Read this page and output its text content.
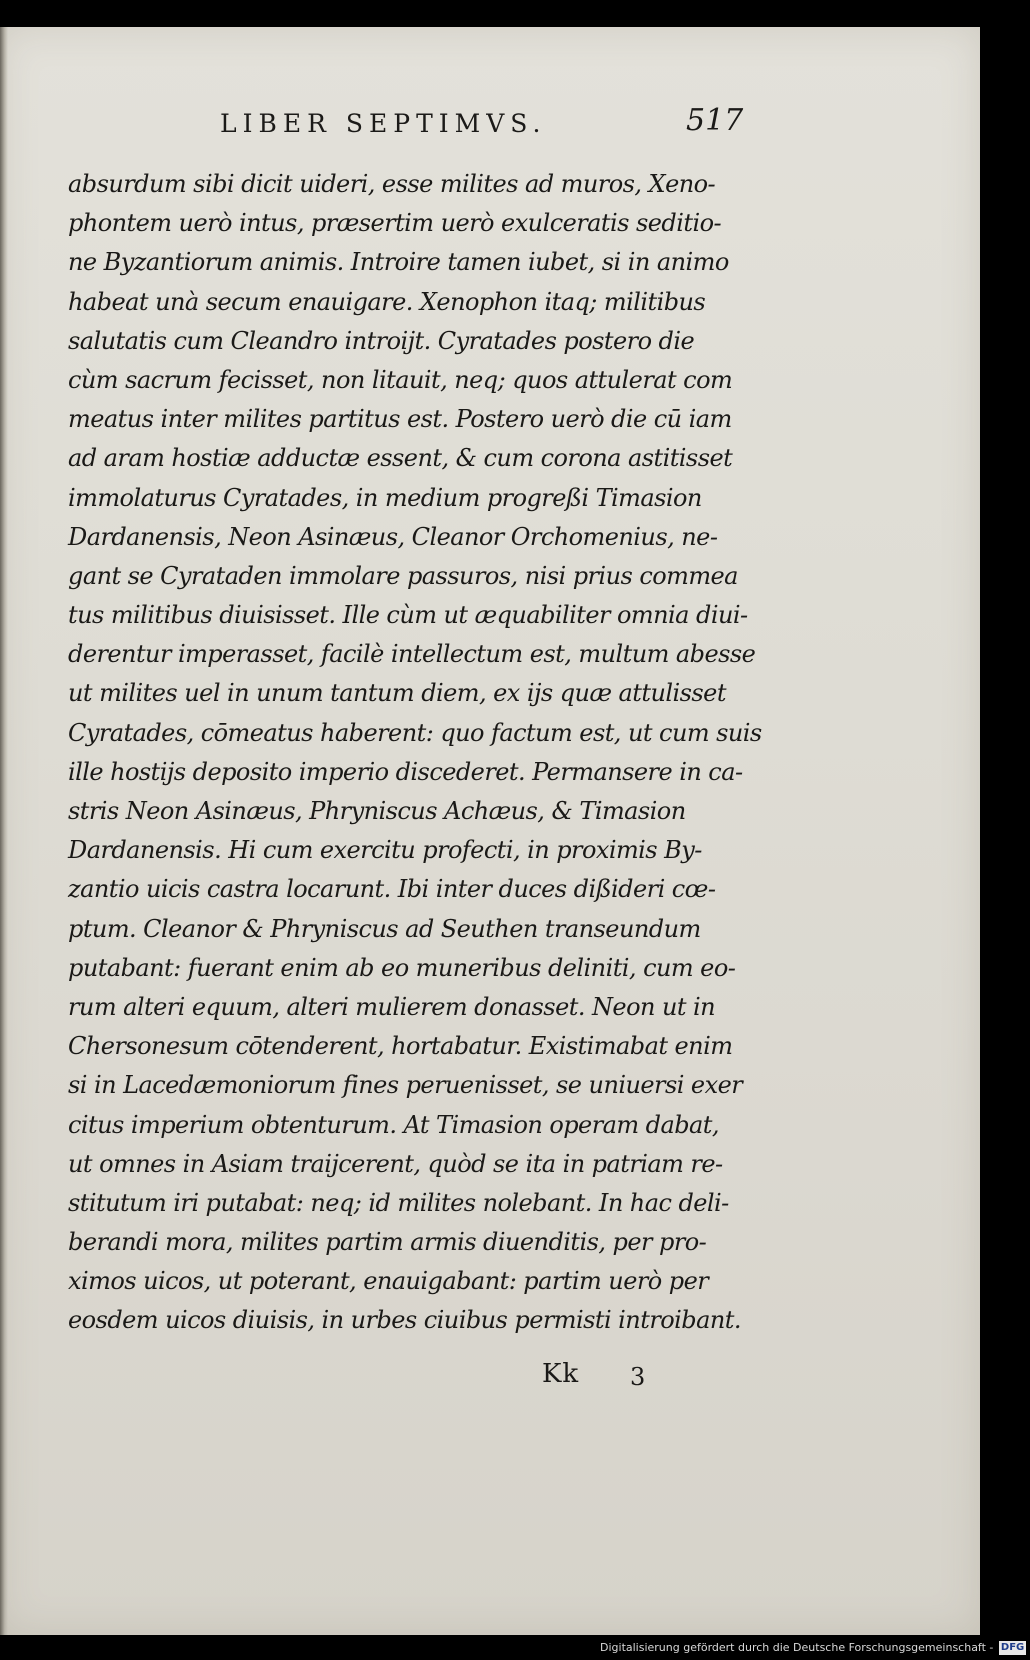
LIBER SEPTIMVS.	517
absurdum sibi dicit uideri, esse milites ad muros, Xeno-
phontem uerò intus, præsertim uerò exulceratis seditio-
ne Byzantiorum animis. Introire tamen iubet, si in animo
habeat unà secum enauigare. Xenophon itaq; militibus
salutatis cum Cleandro introijt. Cyratades postero die
cùm sacrum fecisset, non litauit, neq; quos attulerat com
meatus inter milites partitus est. Postero uerò die cū iam
ad aram hostiæ adductæ essent, & cum corona astitisset
immolaturus Cyratades, in medium progreßi Timasion
Dardanensis, Neon Asinæus, Cleanor Orchomenius, ne-
gant se Cyrataden immolare passuros, nisi prius commea
tus militibus diuisisset. Ille cùm ut æquabiliter omnia diui-
derentur imperasset, facilè intellectum est, multum abesse
ut milites uel in unum tantum diem, ex ijs quæ attulisset
Cyratades, cōmeatus haberent: quo factum est, ut cum suis
ille hostijs deposito imperio discederet. Permansere in ca-
stris Neon Asinæus, Phryniscus Achæus, & Timasion
Dardanensis. Hi cum exercitu profecti, in proximis By-
zantio uicis castra locarunt. Ibi inter duces dißideri cœ-
ptum. Cleanor & Phryniscus ad Seuthen transeundum
putabant: fuerant enim ab eo muneribus deliniti, cum eo-
rum alteri equum, alteri mulierem donasset. Neon ut in
Chersonesum cōtenderent, hortabatur. Existimabat enim
si in Lacedæmoniorum fines peruenisset, se uniuersi exer
citus imperium obtenturum. At Timasion operam dabat,
ut omnes in Asiam traijcerent, quòd se ita in patriam re-
stitutum iri putabat: neq; id milites nolebant. In hac deli-
berandi mora, milites partim armis diuenditis, per pro-
ximos uicos, ut poterant, enauigabant: partim uerò per
eosdem uicos diuisis, in urbes ciuibus permisti introibant.
Kk 3
Digitalisierung gefördert durch die Deutsche Forschungsgemeinschaft - DFG
